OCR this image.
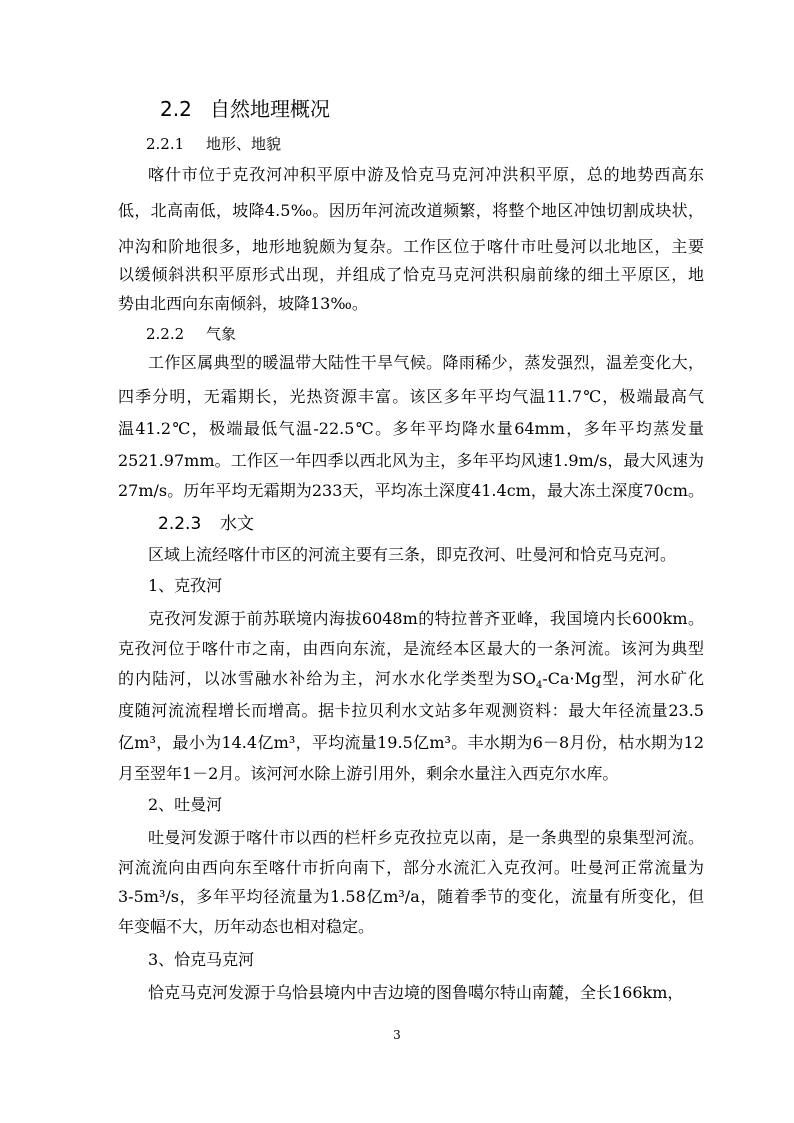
2.2 自然地理概况
2.2.1 地形、地貌
喀什市位于克孜河冲积平原中游及恰克马克河冲洪积平原，总的地势西高东
低，北高南低，坡降4.5‰。因历年河流改道频繁，将整个地区冲蚀切割成块状，
冲沟和阶地很多，地形地貌颇为复杂。工作区位于喀什市吐曼河以北地区，主要
以缓倾斜洪积平原形式出现，并组成了恰克马克河洪积扇前缘的细土平原区，地
势由北西向东南倾斜，坡降13‰。
2.2.2 气象
工作区属典型的暖温带大陆性干旱气候。降雨稀少，蒸发强烈，温差变化大，
四季分明，无霜期长，光热资源丰富。该区多年平均气温11.7℃，极端最高气
温41.2℃，极端最低气温-22.5℃。多年平均降水量64mm，多年平均蒸发量
2521.97mm。工作区一年四季以西北风为主，多年平均风速1.9m/s，最大风速为
27m/s。历年平均无霜期为233天，平均冻土深度41.4cm，最大冻土深度70cm。
2.2.3 水文
区域上流经喀什市区的河流主要有三条，即克孜河、吐曼河和恰克马克河。
1、克孜河
克孜河发源于前苏联境内海拔6048m的特拉普齐亚峰，我国境内长600km。
克孜河位于喀什市之南，由西向东流，是流经本区最大的一条河流。该河为典型
的内陆河，以冰雪融水补给为主，河水水化学类型为$SO_4-Ca\cdot Mg$型，河水矿化
度随河流流程增长而增高。据卡拉贝利水文站多年观测资料：最大年径流量23.5
亿m³，最小为14.4亿m³，平均流量19.5亿m³。丰水期为6－8月份，枯水期为12
月至翌年1－2月。该河河水除上游引用外，剩余水量注入西克尔水库。
2、吐曼河
吐曼河发源于喀什市以西的栏杆乡克孜拉克以南，是一条典型的泉集型河流。
河流流向由西向东至喀什市折向南下，部分水流汇入克孜河。吐曼河正常流量为
3-5m³/s，多年平均径流量为1.58亿m³/a，随着季节的变化，流量有所变化，但
年变幅不大，历年动态也相对稳定。
3、恰克马克河
恰克马克河发源于乌恰县境内中吉边境的图鲁噶尔特山南麓，全长166km，
3
